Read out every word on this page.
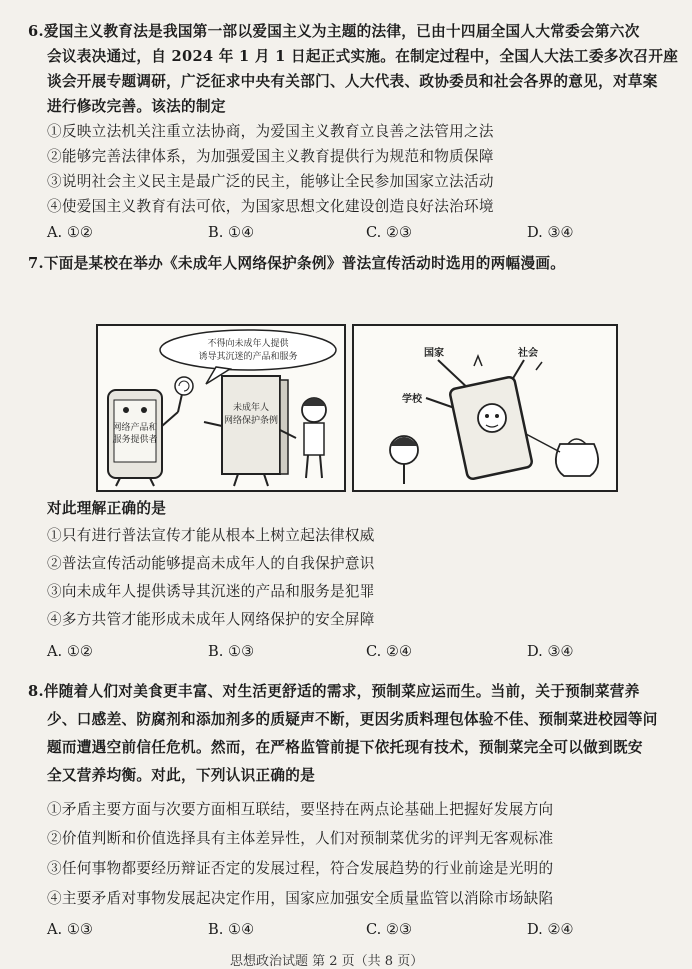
6.爱国主义教育法是我国第一部以爱国主义为主题的法律，已由十四届全国人大常委会第六次
会议表决通过，自 2024 年 1 月 1 日起正式实施。在制定过程中，全国人大法工委多次召开座
谈会开展专题调研，广泛征求中央有关部门、人大代表、政协委员和社会各界的意见，对草案
进行修改完善。该法的制定
①反映立法机关注重立法协商，为爱国主义教育立良善之法管用之法
②能够完善法律体系，为加强爱国主义教育提供行为规范和物质保障
③说明社会主义民主是最广泛的民主，能够让全民参加国家立法活动
④使爱国主义教育有法可依，为国家思想文化建设创造良好法治环境
A. ①②	B. ①④	C. ②③	D. ③④
7.下面是某校在举办《未成年人网络保护条例》普法宣传活动时选用的两幅漫画。
不得向未成年人提供
诱导其沉迷的产品和服务
网络产品和
服务提供者
未成年人
网络保护条例
国家	社会
学校
对此理解正确的是
①只有进行普法宣传才能从根本上树立起法律权威
②普法宣传活动能够提高未成年人的自我保护意识
③向未成年人提供诱导其沉迷的产品和服务是犯罪
④多方共管才能形成未成年人网络保护的安全屏障
A. ①②	B. ①③	C. ②④	D. ③④
8.伴随着人们对美食更丰富、对生活更舒适的需求，预制菜应运而生。当前，关于预制菜营养
少、口感差、防腐剂和添加剂多的质疑声不断，更因劣质料理包体验不佳、预制菜进校园等问
题而遭遇空前信任危机。然而，在严格监管前提下依托现有技术，预制菜完全可以做到既安
全又营养均衡。对此，下列认识正确的是
①矛盾主要方面与次要方面相互联结，要坚持在两点论基础上把握好发展方向
②价值判断和价值选择具有主体差异性，人们对预制菜优劣的评判无客观标准
③任何事物都要经历辩证否定的发展过程，符合发展趋势的行业前途是光明的
④主要矛盾对事物发展起决定作用，国家应加强安全质量监管以消除市场缺陷
A. ①③	B. ①④	C. ②③	D. ②④
思想政治试题 第 2 页（共 8 页）
